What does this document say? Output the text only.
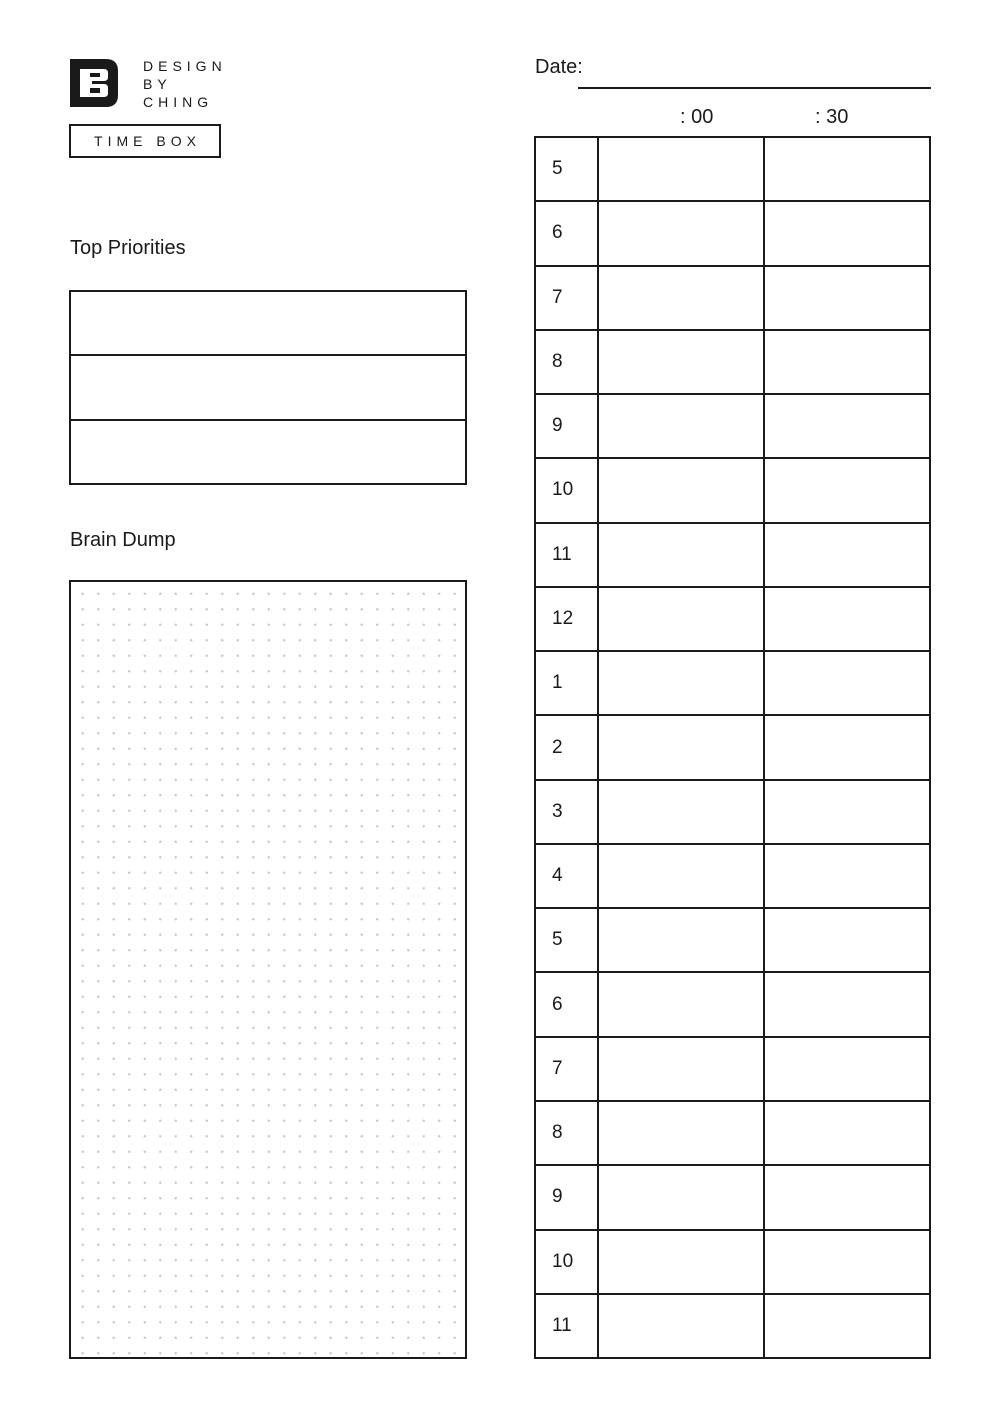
DESIGN
BY
CHING
TIME BOX
Top Priorities
Brain Dump
Date:
: 00	: 30
5
6
7
8
9
10
11
12
1
2
3
4
5
6
7
8
9
10
11
